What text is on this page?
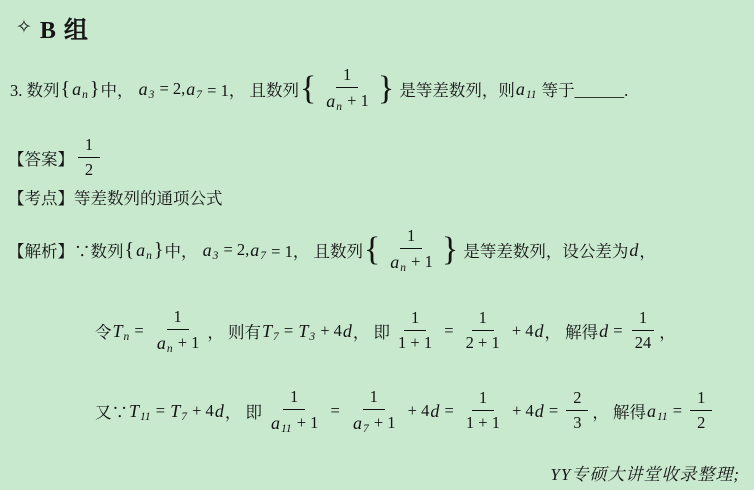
✧ B 组
3. 数列 { a n } 中， a 3 = 2, a 7 = 1， 且数列 { $\frac{1}{\text{a n + 1}}$ } 是等差数列，则 a 11 等于______.
【答案】 $\frac{1}{2}$
【考点】 等差数列的通项公式
【解析】 ∵数列 { a n } 中， a 3 = 2, a 7 = 1， 且数列 { $\frac{1}{\text{a n + 1}}$ } 是等差数列，设公差为 d ，
令 T $n = \frac{1}{\text{a n + 1}}$ ， 则有 T 7 = T 3 + 4 d ， 即 $\frac{1}{1 + 1} = \frac{1}{2 + 1} + 4$ d ， 解得 $d = \frac{1}{24}$ ，
又∵ T 11 = T 7 + 4 d ， 即 $\frac{1}{a 11 + 1} = \frac{1}{a 7 + 1} + 4$ $d = \frac{1}{1 + 1} + 4$ $d = \frac{2}{3}$ ， 解得 a $11 = \frac{1}{2}$
YY专硕大讲堂收录整理;
